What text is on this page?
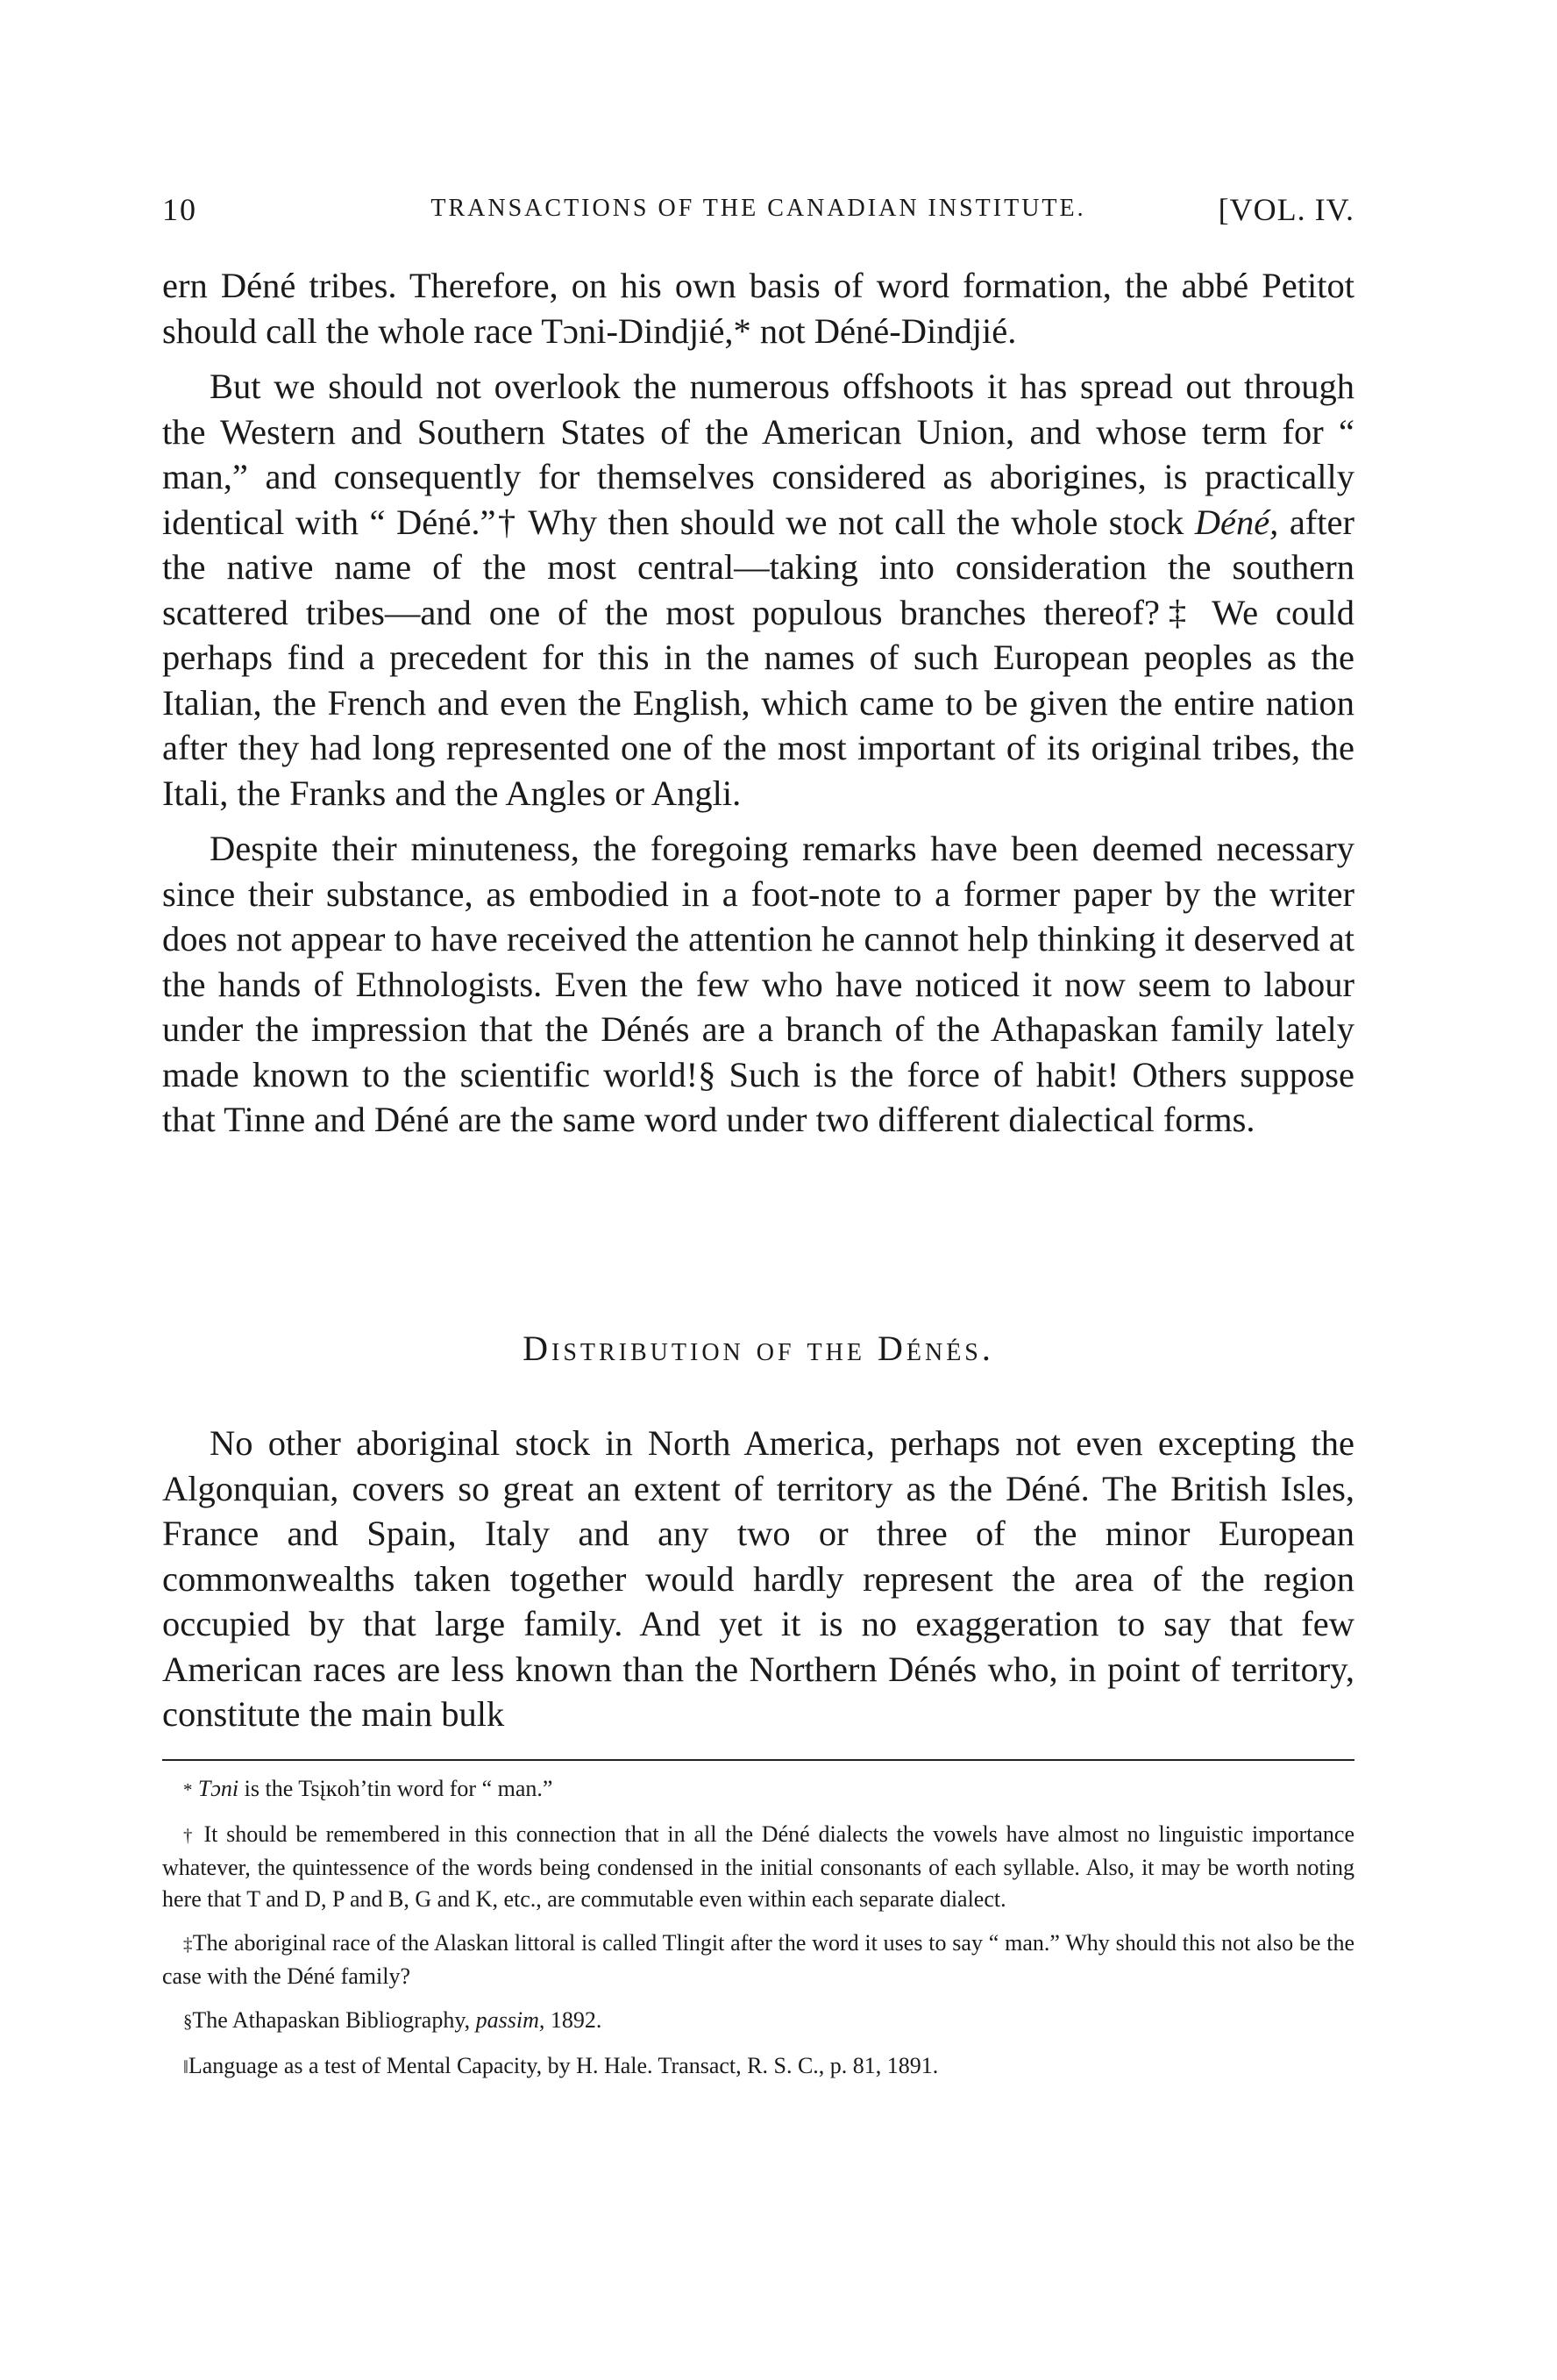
10	TRANSACTIONS OF THE CANADIAN INSTITUTE.	[VOL. IV.

ern Déné tribes. Therefore, on his own basis of word formation, the abbé Petitot should call the whole race Tɔni-Dindjié,* not Déné-Dindjié.

But we should not overlook the numerous offshoots it has spread out through the Western and Southern States of the American Union, and whose term for “ man,” and consequently for themselves considered as aborigines, is practically identical with “ Déné.”† Why then should we not call the whole stock Déné, after the native name of the most central—taking into consideration the southern scattered tribes—and one of the most populous branches thereof?‡ We could perhaps find a precedent for this in the names of such European peoples as the Italian, the French and even the English, which came to be given the entire nation after they had long represented one of the most important of its original tribes, the Itali, the Franks and the Angles or Angli.

Despite their minuteness, the foregoing remarks have been deemed necessary since their substance, as embodied in a foot-note to a former paper by the writer does not appear to have received the attention he cannot help thinking it deserved at the hands of Ethnologists. Even the few who have noticed it now seem to labour under the impression that the Dénés are a branch of the Athapaskan family lately made known to the scientific world!§ Such is the force of habit! Others suppose that Tinne and Déné are the same word under two different dialectical forms.

Distribution of the Dénés.

No other aboriginal stock in North America, perhaps not even excepting the Algonquian, covers so great an extent of territory as the Déné. The British Isles, France and Spain, Italy and any two or three of the minor European commonwealths taken together would hardly represent the area of the region occupied by that large family. And yet it is no exaggeration to say that few American races are less known than the Northern Dénés who, in point of territory, constitute the main bulk

* Tɔni is the Tsįĸoh’tin word for “ man.”

† It should be remembered in this connection that in all the Déné dialects the vowels have almost no linguistic importance whatever, the quintessence of the words being condensed in the initial consonants of each syllable. Also, it may be worth noting here that T and D, P and B, G and K, etc., are commutable even within each separate dialect.

‡The aboriginal race of the Alaskan littoral is called Tlingit after the word it uses to say “ man.” Why should this not also be the case with the Déné family?

§The Athapaskan Bibliography, passim, 1892.

‖Language as a test of Mental Capacity, by H. Hale. Transact, R. S. C., p. 81, 1891.
